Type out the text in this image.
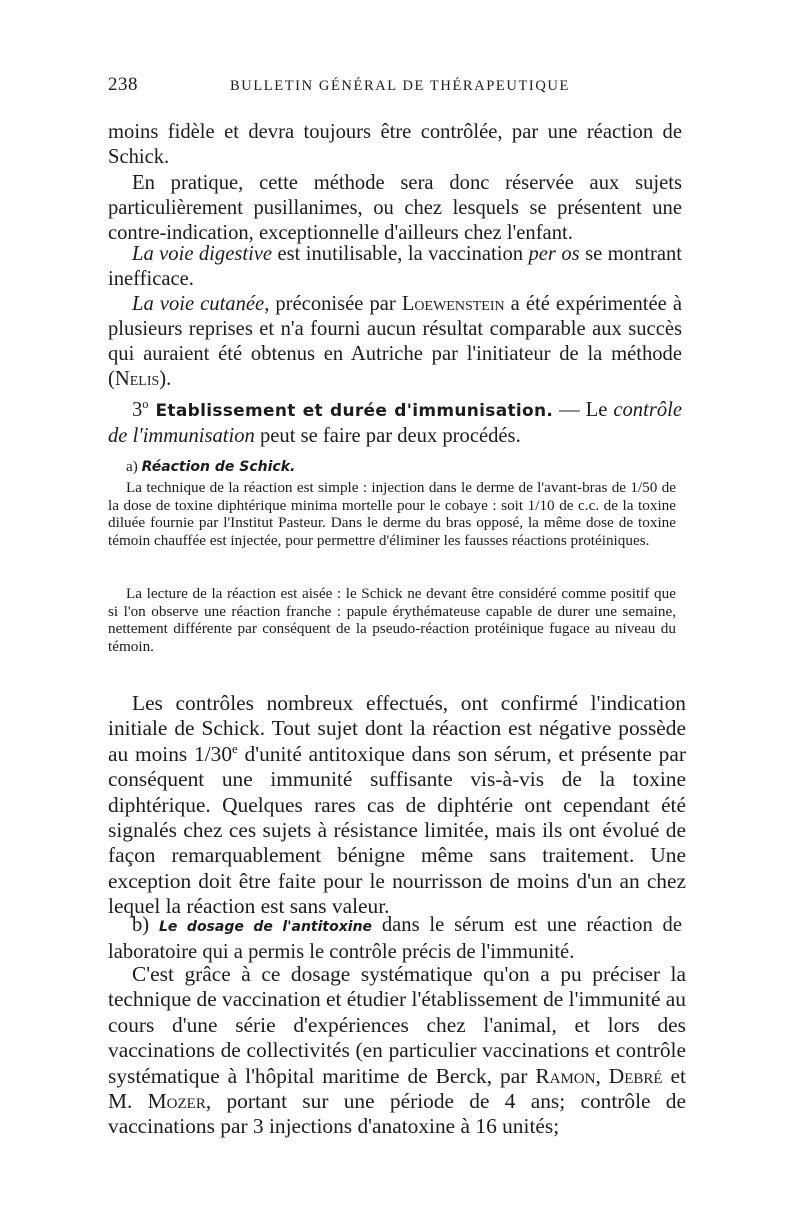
238	BULLETIN GÉNÉRAL DE THÉRAPEUTIQUE

moins fidèle et devra toujours être contrôlée, par une réaction de Schick.

En pratique, cette méthode sera donc réservée aux sujets particulièrement pusillanimes, ou chez lesquels se présentent une contre-indication, exceptionnelle d'ailleurs chez l'enfant.

La voie digestive est inutilisable, la vaccination per os se montrant inefficace.

La voie cutanée, préconisée par Loewenstein a été expérimentée à plusieurs reprises et n'a fourni aucun résultat comparable aux succès qui auraient été obtenus en Autriche par l'initiateur de la méthode (Nelis).

3$^o$ Etablissement et durée d'immunisation. — Le contrôle de l'immunisation peut se faire par deux procédés.

a) Réaction de Schick.

La technique de la réaction est simple : injection dans le derme de l'avant-bras de 1/50 de la dose de toxine diphtérique minima mortelle pour le cobaye : soit 1/10 de c.c. de la toxine diluée fournie par l'Institut Pasteur. Dans le derme du bras opposé, la même dose de toxine témoin chauffée est injectée, pour permettre d'éliminer les fausses réactions protéiniques.

La lecture de la réaction est aisée : le Schick ne devant être considéré comme positif que si l'on observe une réaction franche : papule érythémateuse capable de durer une semaine, nettement différente par conséquent de la pseudo-réaction protéinique fugace au niveau du témoin.

Les contrôles nombreux effectués, ont confirmé l'indication initiale de Schick. Tout sujet dont la réaction est négative possède au moins 1/30e d'unité antitoxique dans son sérum, et présente par conséquent une immunité suffisante vis-à-vis de la toxine diphtérique. Quelques rares cas de diphtérie ont cependant été signalés chez ces sujets à résistance limitée, mais ils ont évolué de façon remarquablement bénigne même sans traitement. Une exception doit être faite pour le nourrisson de moins d'un an chez lequel la réaction est sans valeur.

b) Le dosage de l'antitoxine dans le sérum est une réaction de laboratoire qui a permis le contrôle précis de l'immunité.

C'est grâce à ce dosage systématique qu'on a pu préciser la technique de vaccination et étudier l'établissement de l'immunité au cours d'une série d'expériences chez l'animal, et lors des vaccinations de collectivités (en particulier vaccinations et contrôle systématique à l'hôpital maritime de Berck, par Ramon, Debré et M. Mozer, portant sur une période de 4 ans; contrôle de vaccinations par 3 injections d'anatoxine à 16 unités;
